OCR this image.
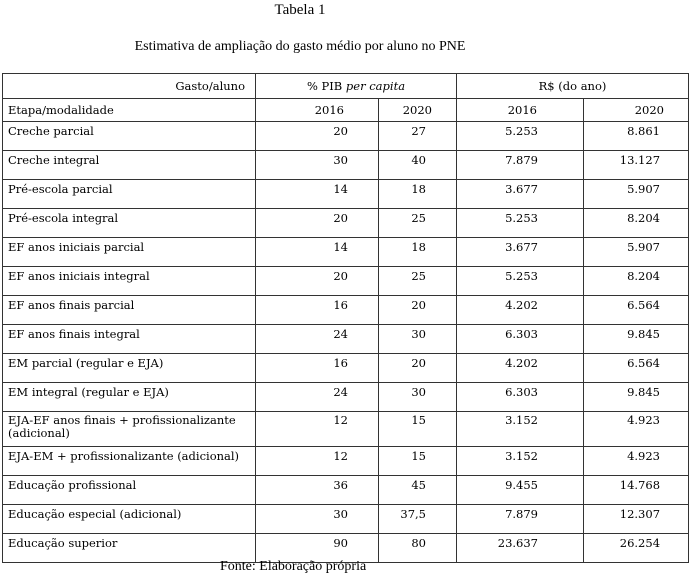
Tabela 1
Estimativa de ampliação do gasto médio por aluno no PNE
Gasto/aluno	% PIB per capita		R$ (do ano)	
Etapa/modalidade	2016	2020	2016	2020
Creche parcial	20	27	5.253	8.861
Creche integral	30	40	7.879	13.127
Pré-escola parcial	14	18	3.677	5.907
Pré-escola integral	20	25	5.253	8.204
EF anos iniciais parcial	14	18	3.677	5.907
EF anos iniciais integral	20	25	5.253	8.204
EF anos finais parcial	16	20	4.202	6.564
EF anos finais integral	24	30	6.303	9.845
EM parcial (regular e EJA)	16	20	4.202	6.564
EM integral (regular e EJA)	24	30	6.303	9.845
EJA-EF anos finais + profissionalizante (adicional)	12	15	3.152	4.923
EJA-EM + profissionalizante (adicional)	12	15	3.152	4.923
Educação profissional	36	45	9.455	14.768
Educação especial (adicional)	30	37,5	7.879	12.307
Educação superior	90	80	23.637	26.254
Fonte: Elaboração própria
